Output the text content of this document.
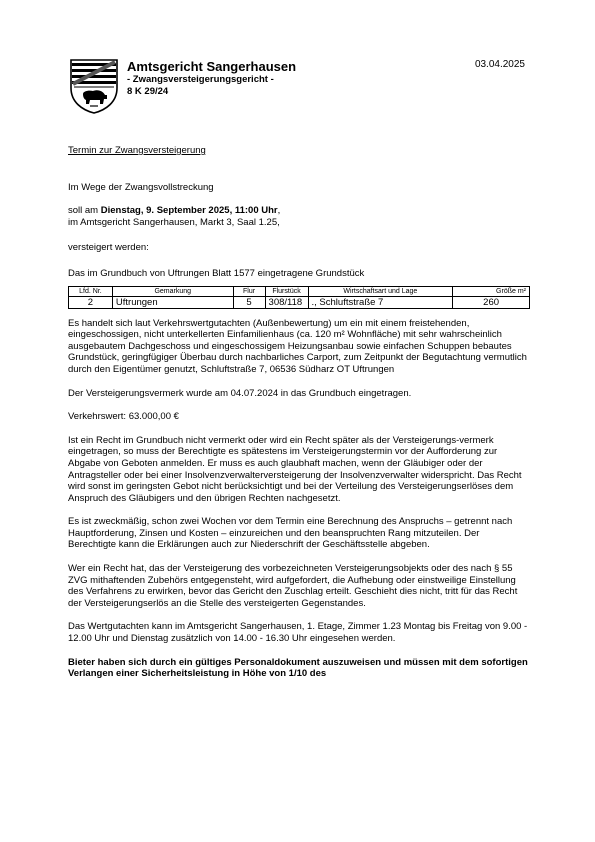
Amtsgericht Sangerhausen
- Zwangsversteigerungsgericht -
8 K 29/24
03.04.2025

Termin zur Zwangsversteigerung

Im Wege der Zwangsvollstreckung

soll am Dienstag, 9. September 2025, 11:00 Uhr,

im Amtsgericht Sangerhausen, Markt 3, Saal 1.25,

versteigert werden:

Das im Grundbuch von Uftrungen Blatt 1577 eingetragene Grundstück

Lfd. Nr.	Gemarkung	Flur	Flurstück	Wirtschaftsart und Lage	Größe m²
2	Uftrungen	5	308/118	., Schluftstraße 7	260

Es handelt sich laut Verkehrswertgutachten (Außenbewertung) um ein mit einem freistehenden, eingeschossigen, nicht unterkellerten Einfamilienhaus (ca. 120 m² Wohnfläche) mit sehr wahrscheinlich ausgebautem Dachgeschoss und eingeschossigem Heizungsanbau sowie einfachen Schuppen bebautes Grundstück, geringfügiger Überbau durch nachbarliches Carport, zum Zeitpunkt der Begutachtung vermutlich durch den Eigentümer genutzt, Schluftstraße 7, 06536 Südharz OT Uftrungen

Der Versteigerungsvermerk wurde am 04.07.2024 in das Grundbuch eingetragen.

Verkehrswert: 63.000,00 €

Ist ein Recht im Grundbuch nicht vermerkt oder wird ein Recht später als der Versteigerungs-vermerk eingetragen, so muss der Berechtigte es spätestens im Versteigerungstermin vor der Aufforderung zur Abgabe von Geboten anmelden. Er muss es auch glaubhaft machen, wenn der Gläubiger oder der Antragsteller oder bei einer Insolvenzverwalterversteigerung der Insolvenzverwalter widerspricht. Das Recht wird sonst im geringsten Gebot nicht berücksichtigt und bei der Verteilung des Versteigerungserlöses dem Anspruch des Gläubigers und den übrigen Rechten nachgesetzt.

Es ist zweckmäßig, schon zwei Wochen vor dem Termin eine Berechnung des Anspruchs – getrennt nach Hauptforderung, Zinsen und Kosten – einzureichen und den beanspruchten Rang mitzuteilen. Der Berechtigte kann die Erklärungen auch zur Niederschrift der Geschäftsstelle abgeben.

Wer ein Recht hat, das der Versteigerung des vorbezeichneten Versteigerungsobjekts oder des nach § 55 ZVG mithaftenden Zubehörs entgegensteht, wird aufgefordert, die Aufhebung oder einstweilige Einstellung des Verfahrens zu erwirken, bevor das Gericht den Zuschlag erteilt. Geschieht dies nicht, tritt für das Recht der Versteigerungserlös an die Stelle des versteigerten Gegenstandes.

Das Wertgutachten kann im Amtsgericht Sangerhausen, 1. Etage, Zimmer 1.23 Montag bis Freitag von 9.00 - 12.00 Uhr und Dienstag zusätzlich von 14.00 - 16.30 Uhr eingesehen werden.

Bieter haben sich durch ein gültiges Personaldokument auszuweisen und müssen mit dem sofortigen Verlangen einer Sicherheitsleistung in Höhe von 1/10 des
